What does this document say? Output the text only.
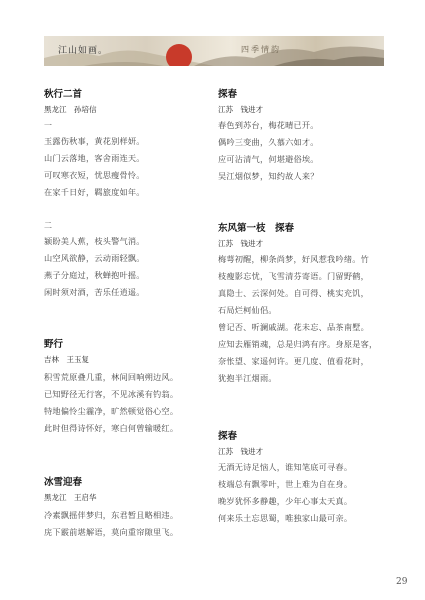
江山如画。	四季情韵
秋行二首
黑龙江　孙培信
一
玉露伤秋事，黄花别样妍。
山门云落地，客舍雨连天。
可叹寒衣短，忧思瘦骨怜。
在家千日好，羁旅度如年。
二
颍盼美人蕉，枝头警气消。
山空风欲静，云动雨轻飘。
燕子分庭过，秋蝉抱叶摇。
闲时须对酒，苦乐任逍遥。
野行
吉林　王玉复
积雪荒原叠几重，林间回响朔边风。
已知野径无行客，不见冰溪有钓翁。
特地偏怜尘霾净，旷然顿觉俗心空。
此时但得诗怀好，寒白何曾输暖红。
冰雪迎春
黑龙江　王启华
冷素飘摇伴梦归，东君暂且略相违。
庑下霰前堪解语，莫向重帘隙里飞。
探春
江苏　钱进才
春色到苏台，梅花晴已开。
偶吟三变曲，久慕六如才。
应可沾清气，何堪避俗埃。
吴江烟似梦，知约故人来？
东风第一枝　探春
江苏　钱进才
梅萼初醒，柳条尚梦，好风惹我吟绪。竹
枝瘦影忘忧，飞雪清芬寄语。门留野鹤，
真隐士、云深何处。自可得、桃实充饥，
石局烂柯仙侣。
曾记否、听澜戚湖。花未忘、品茶南墅。
应知去雁销魂，总是归鸿有序。身原是客，
奈怅望、家遥何许。更几度、值看花时，
犹抱半江烟雨。
探春
江苏　钱进才
无酒无诗足恼人，谁知笔底可寻春。
枝端总有飘零叶，世上难为自在身。
晚岁犹怀多静趣，少年心事太天真。
何来乐土忘思蜀，唯独家山最可亲。
29
